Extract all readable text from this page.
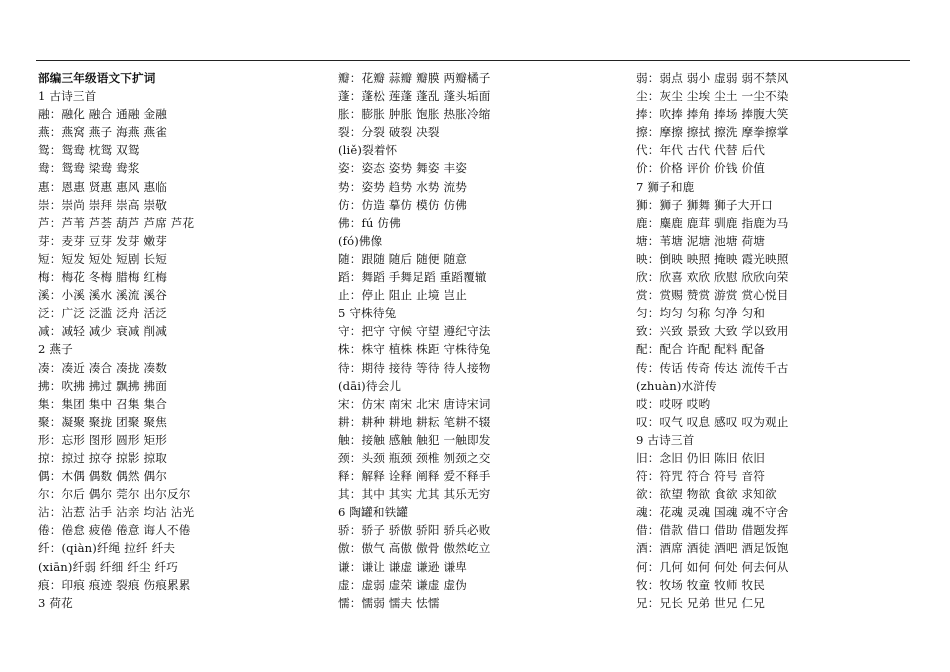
部编三年级语文下扩词
1 古诗三首
融：融化 融合 通融 金融
燕：燕窝 燕子 海燕 燕雀
鸳：鸳鸯 枕鸳 双鸳
鸯：鸳鸯 梁鸯 鸯浆
惠：恩惠 贤惠 惠风 惠临
崇：崇尚 崇拜 崇高 崇敬
芦：芦苇 芦荟 葫芦 芦席 芦花
芽：麦芽 豆芽 发芽 嫩芽
短：短发 短处 短剧 长短
梅：梅花 冬梅 腊梅 红梅
溪：小溪 溪水 溪流 溪谷
泛：广泛 泛滥 泛舟 活泛
减：减轻 减少 衰减 削减
2 燕子
凑：凑近 凑合 凑拢 凑数
拂：吹拂 拂过 飘拂 拂面
集：集团 集中 召集 集合
聚：凝聚 聚拢 团聚 聚焦
形：忘形 图形 圆形 矩形
掠：掠过 掠夺 掠影 掠取
偶：木偶 偶数 偶然 偶尔
尔：尔后 偶尔 莞尔 出尔反尔
沾：沾惹 沾手 沾亲 均沾 沾光
倦：倦怠 疲倦 倦意 诲人不倦
纤：(qiàn)纤绳 拉纤 纤夫
(xiān)纤弱 纤细 纤尘 纤巧
痕：印痕 痕迹 裂痕 伤痕累累
3 荷花
瓣：花瓣 蒜瓣 瓣膜 两瓣橘子
蓬：蓬松 莲蓬 蓬乱 蓬头垢面
胀：膨胀 肿胀 饱胀 热胀冷缩
裂：分裂 破裂 决裂
(liě)裂着怀
姿：姿态 姿势 舞姿 丰姿
势：姿势 趋势 水势 流势
仿：仿造 摹仿 模仿 仿佛
佛：fú 仿佛
(fó)佛像
随：跟随 随后 随便 随意
蹈：舞蹈 手舞足蹈 重蹈覆辙
止：停止 阻止 止境 岂止
5 守株待兔
守：把守 守候 守望 遵纪守法
株：株守 植株 株距 守株待兔
待：期待 接待 等待 待人接物
(dāi)待会儿
宋：仿宋 南宋 北宋 唐诗宋词
耕：耕种 耕地 耕耘 笔耕不辍
触：接触 感触 触犯 一触即发
颈：头颈 瓶颈 颈椎 刎颈之交
释：解释 诠释 阐释 爱不释手
其：其中 其实 尤其 其乐无穷
6 陶罐和铁罐
骄：骄子 骄傲 骄阳 骄兵必败
傲：傲气 高傲 傲骨 傲然屹立
谦：谦让 谦虚 谦逊 谦卑
虚：虚弱 虚荣 谦虚 虚伪
懦：懦弱 懦夫 怯懦
弱：弱点 弱小 虚弱 弱不禁风
尘：灰尘 尘埃 尘土 一尘不染
捧：吹捧 捧角 捧场 捧腹大笑
擦：摩擦 擦拭 擦洗 摩拳擦掌
代：年代 古代 代替 后代
价：价格 评价 价钱 价值
7 狮子和鹿
狮：狮子 狮舞 狮子大开口
鹿：麋鹿 鹿茸 驯鹿 指鹿为马
塘：苇塘 泥塘 池塘 荷塘
映：倒映 映照 掩映 霞光映照
欣：欣喜 欢欣 欣慰 欣欣向荣
赏：赏赐 赞赏 游赏 赏心悦目
匀：均匀 匀称 匀净 匀和
致：兴致 景致 大致 学以致用
配：配合 许配 配料 配备
传：传话 传奇 传达 流传千古
(zhuàn)水浒传
哎：哎呀 哎哟
叹：叹气 叹息 感叹 叹为观止
9 古诗三首
旧：念旧 仍旧 陈旧 依旧
符：符咒 符合 符号 音符
欲：欲望 物欲 食欲 求知欲
魂：花魂 灵魂 国魂 魂不守舍
借：借款 借口 借助 借题发挥
酒：酒席 酒徒 酒吧 酒足饭饱
何：几何 如何 何处 何去何从
牧：牧场 牧童 牧师 牧民
兄：兄长 兄弟 世兄 仁兄
